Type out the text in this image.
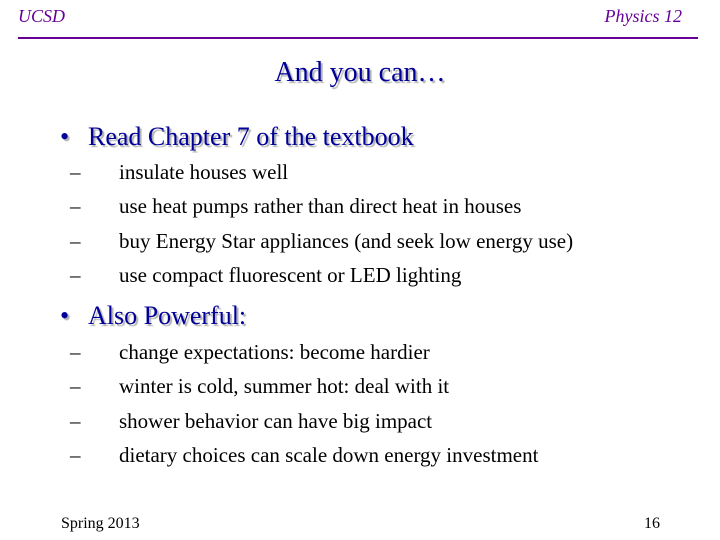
UCSD	Physics 12
And you can…
• Read Chapter 7 of the textbook
– insulate houses well
– use heat pumps rather than direct heat in houses
– buy Energy Star appliances (and seek low energy use)
– use compact fluorescent or LED lighting
• Also Powerful:
– change expectations: become hardier
– winter is cold, summer hot: deal with it
– shower behavior can have big impact
– dietary choices can scale down energy investment
Spring 2013	16
